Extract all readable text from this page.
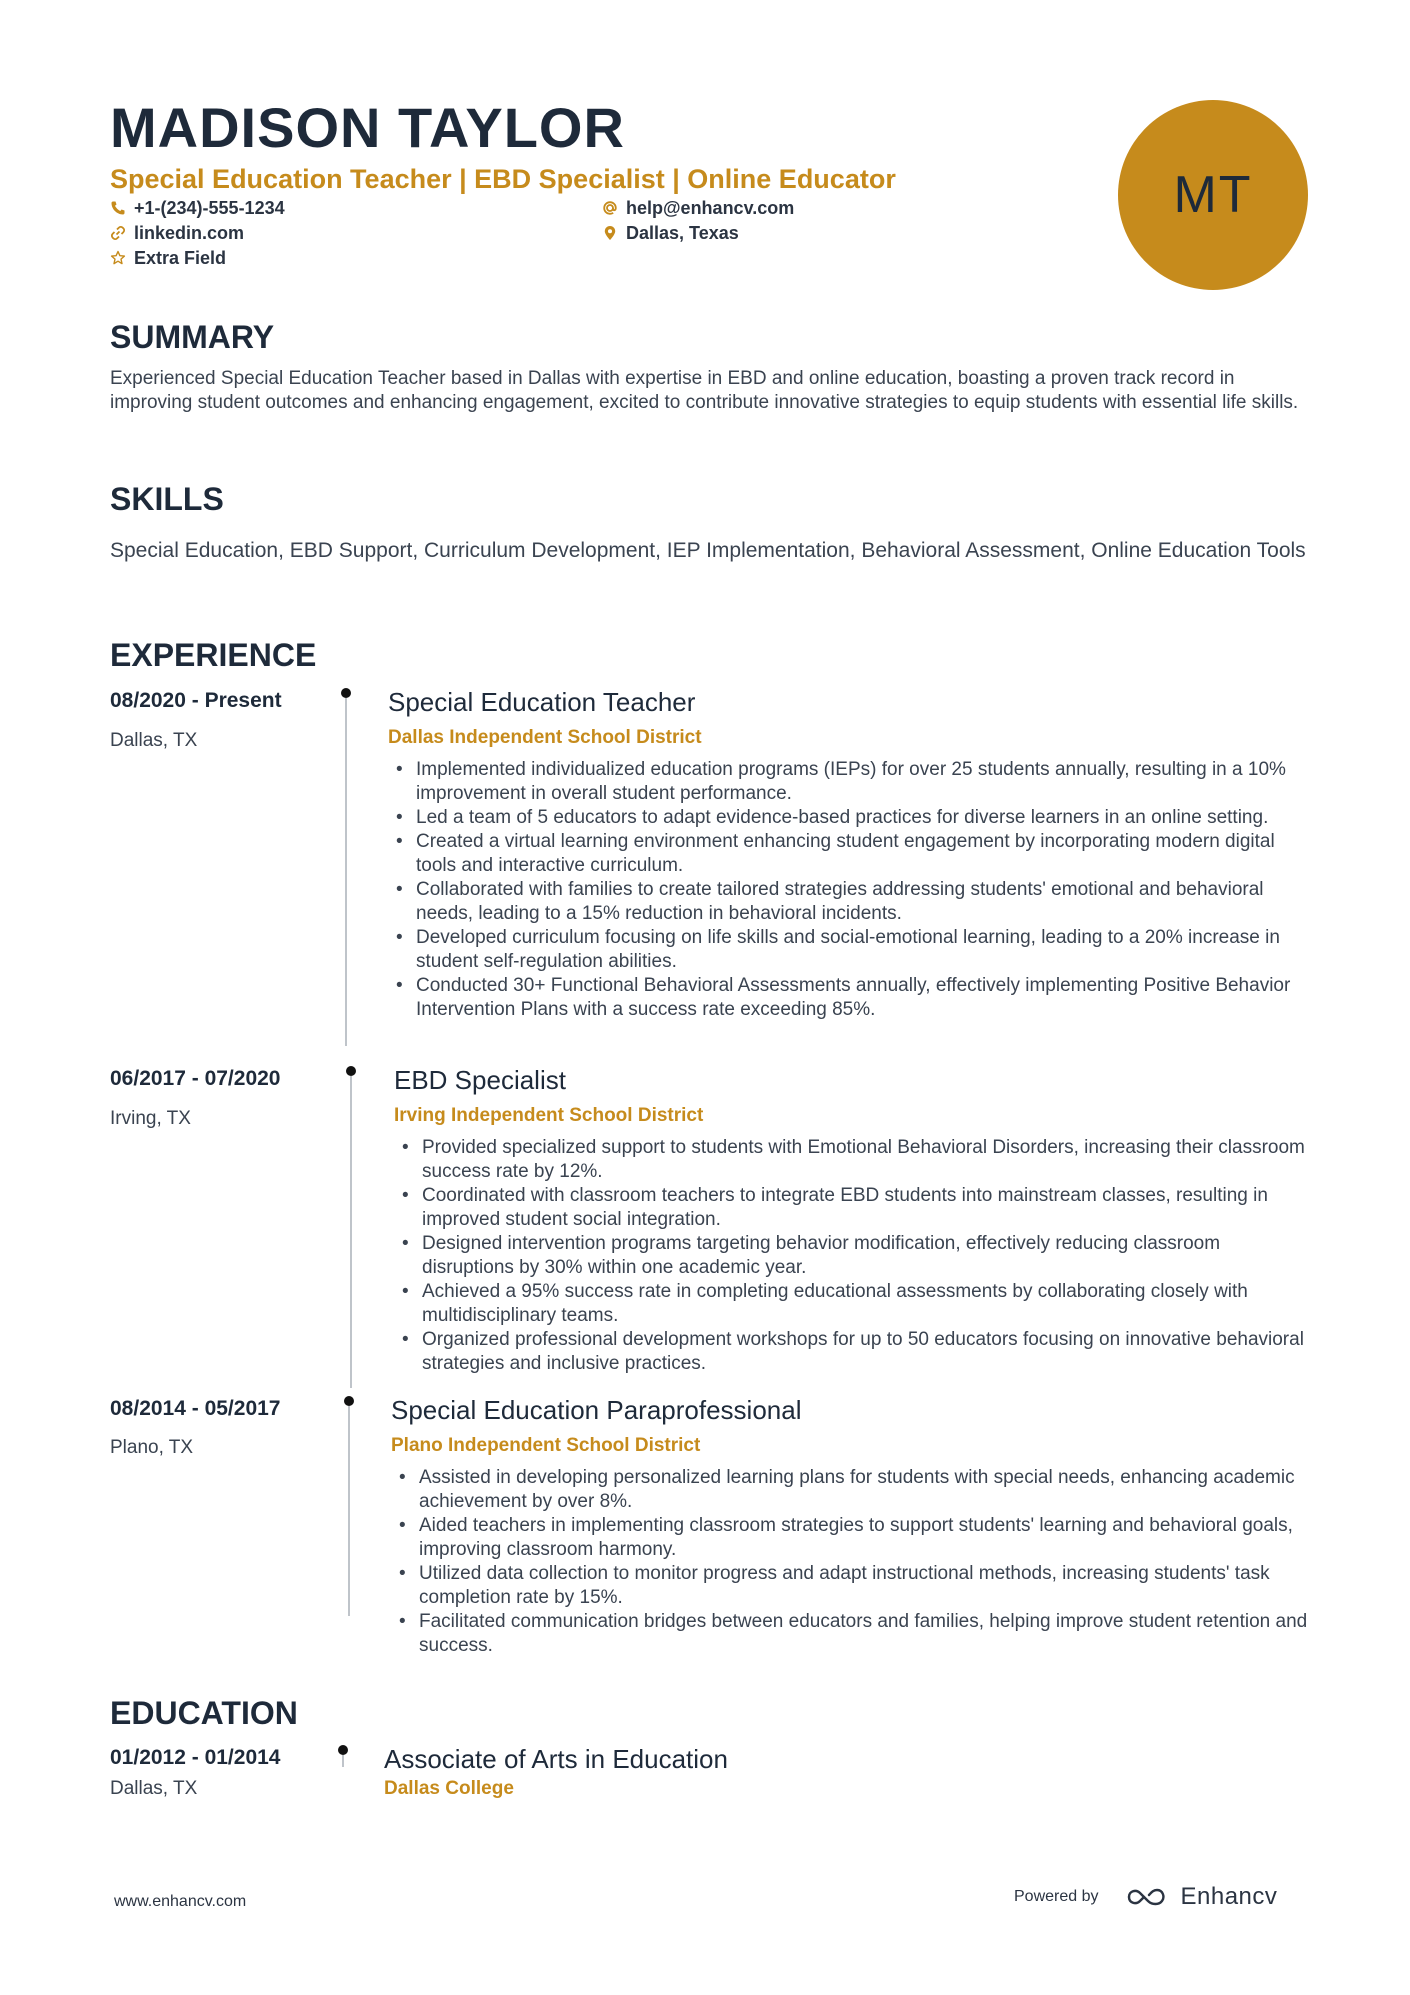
MADISON TAYLOR
Special Education Teacher | EBD Specialist | Online Educator
+1-(234)-555-1234	help@enhancv.com
linkedin.com	Dallas, Texas
Extra Field
MT
SUMMARY
Experienced Special Education Teacher based in Dallas with expertise in EBD and online education, boasting a proven track record in improving student outcomes and enhancing engagement, excited to contribute innovative strategies to equip students with essential life skills.
SKILLS
Special Education, EBD Support, Curriculum Development, IEP Implementation, Behavioral Assessment, Online Education Tools
EXPERIENCE
08/2020 - Present
Dallas, TX
Special Education Teacher
Dallas Independent School District
• Implemented individualized education programs (IEPs) for over 25 students annually, resulting in a 10% improvement in overall student performance.
• Led a team of 5 educators to adapt evidence-based practices for diverse learners in an online setting.
• Created a virtual learning environment enhancing student engagement by incorporating modern digital tools and interactive curriculum.
• Collaborated with families to create tailored strategies addressing students' emotional and behavioral needs, leading to a 15% reduction in behavioral incidents.
• Developed curriculum focusing on life skills and social-emotional learning, leading to a 20% increase in student self-regulation abilities.
• Conducted 30+ Functional Behavioral Assessments annually, effectively implementing Positive Behavior Intervention Plans with a success rate exceeding 85%.
06/2017 - 07/2020
Irving, TX
EBD Specialist
Irving Independent School District
• Provided specialized support to students with Emotional Behavioral Disorders, increasing their classroom success rate by 12%.
• Coordinated with classroom teachers to integrate EBD students into mainstream classes, resulting in improved student social integration.
• Designed intervention programs targeting behavior modification, effectively reducing classroom disruptions by 30% within one academic year.
• Achieved a 95% success rate in completing educational assessments by collaborating closely with multidisciplinary teams.
• Organized professional development workshops for up to 50 educators focusing on innovative behavioral strategies and inclusive practices.
08/2014 - 05/2017
Plano, TX
Special Education Paraprofessional
Plano Independent School District
• Assisted in developing personalized learning plans for students with special needs, enhancing academic achievement by over 8%.
• Aided teachers in implementing classroom strategies to support students' learning and behavioral goals, improving classroom harmony.
• Utilized data collection to monitor progress and adapt instructional methods, increasing students' task completion rate by 15%.
• Facilitated communication bridges between educators and families, helping improve student retention and success.
EDUCATION
01/2012 - 01/2014
Dallas, TX
Associate of Arts in Education
Dallas College
www.enhancv.com	Powered by	Enhancv
